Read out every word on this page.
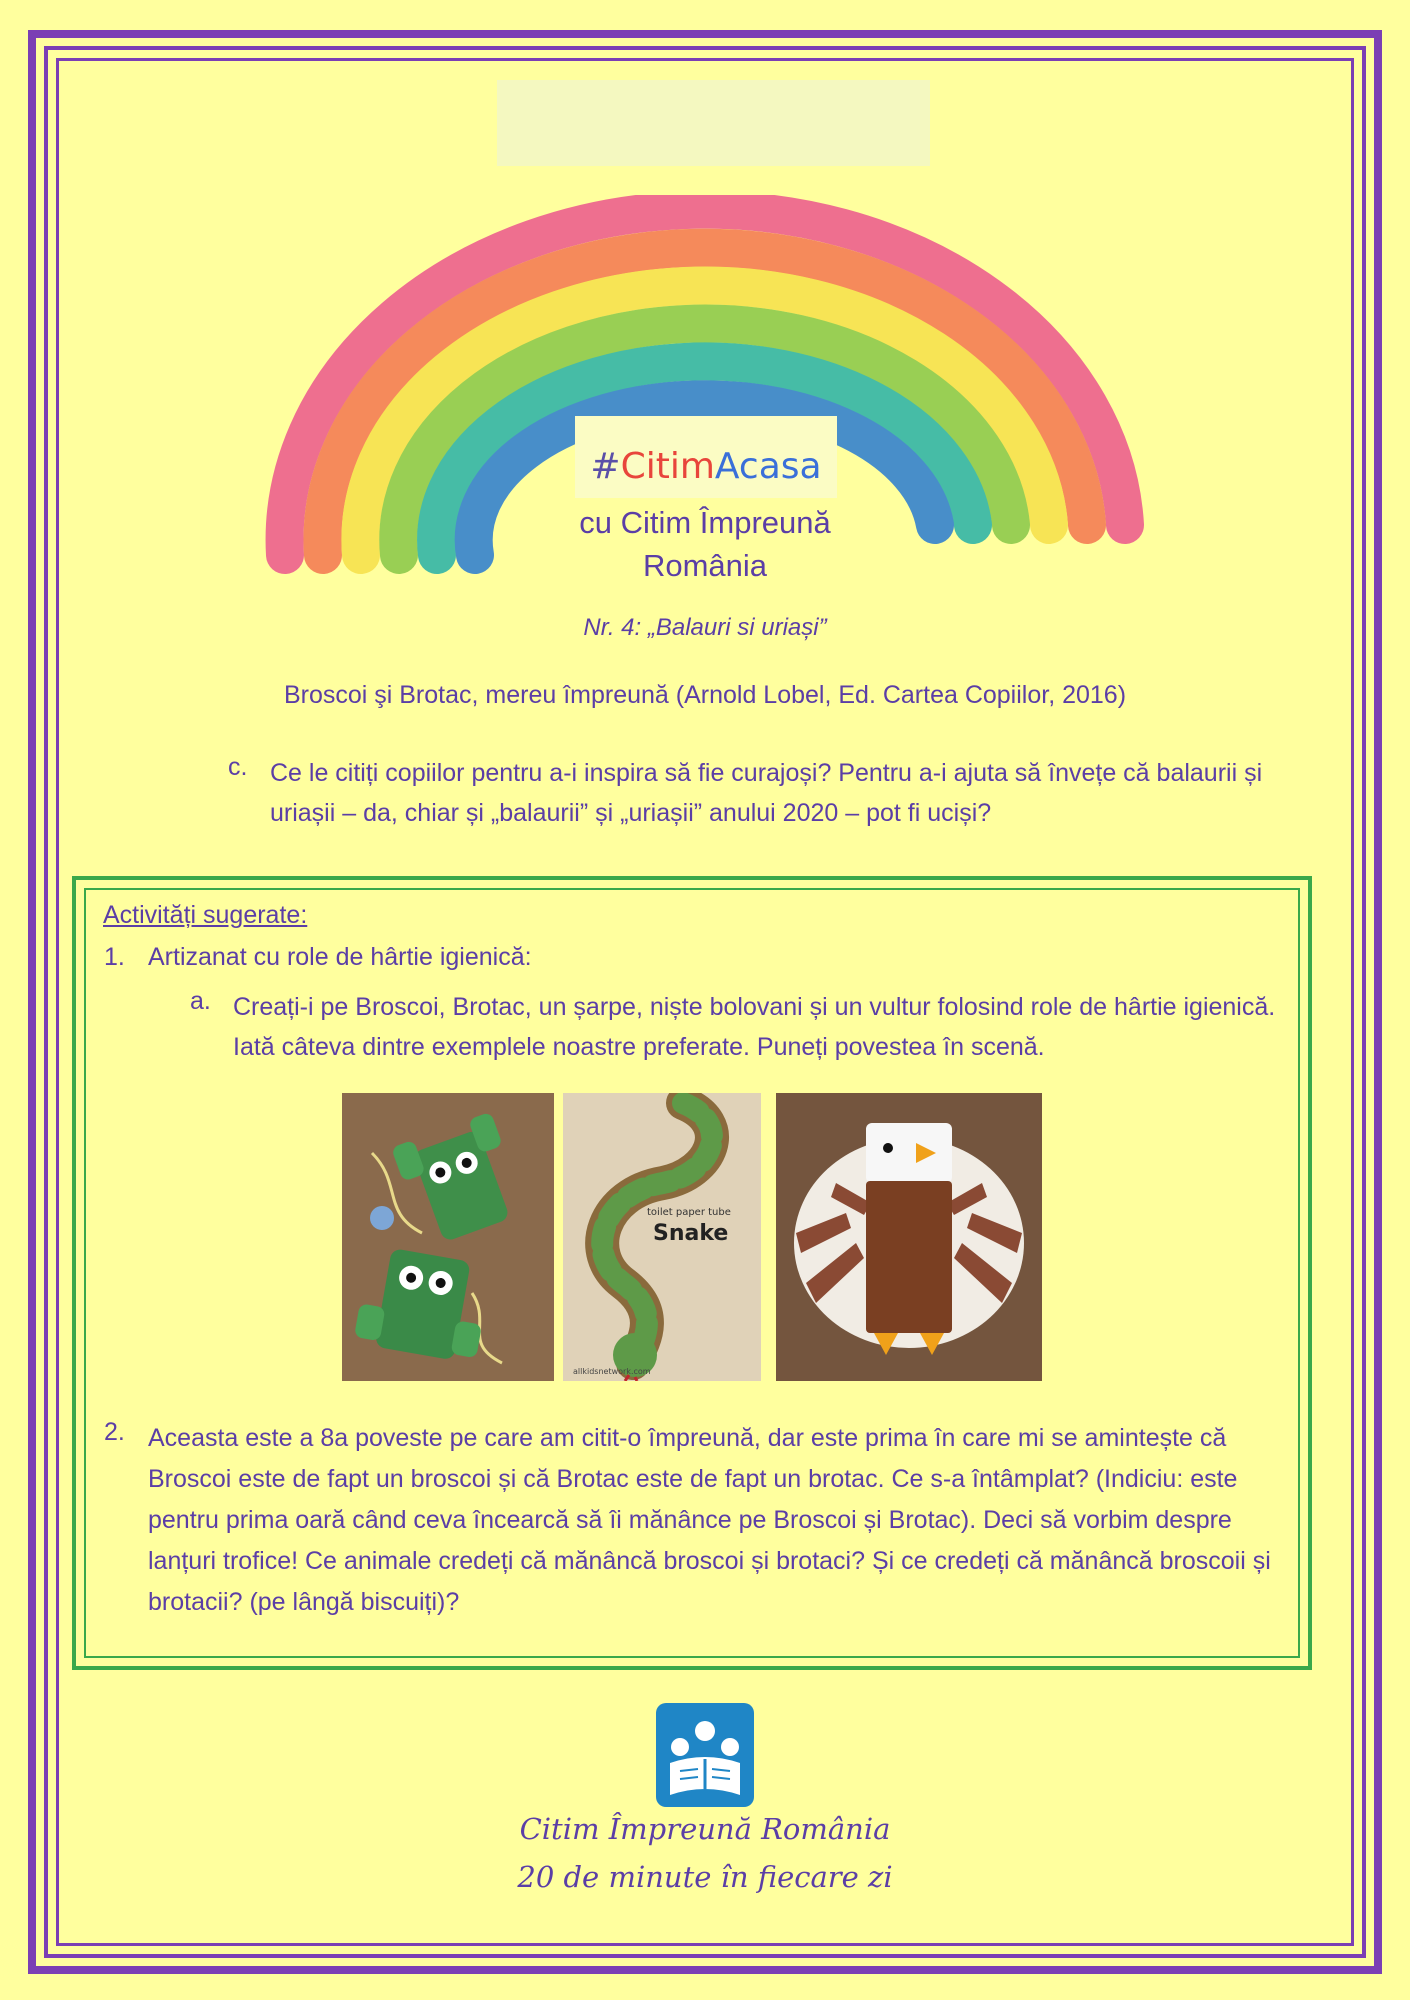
#CitimAcasa
cu Citim Împreună
România
Nr. 4: „Balauri si uriași”
Broscoi şi Brotac, mereu împreună (Arnold Lobel, Ed. Cartea Copiilor, 2016)
c. Ce le citiți copiilor pentru a-i inspira să fie curajoși? Pentru a-i ajuta să învețe că balaurii și uriașii – da, chiar și „balaurii” și „uriașii” anului 2020 – pot fi uciși?
Activități sugerate:
1. Artizanat cu role de hârtie igienică:
a. Creați-i pe Broscoi, Brotac, un șarpe, niște bolovani și un vultur folosind role de hârtie igienică. Iată câteva dintre exemplele noastre preferate. Puneți povestea în scenă.
toilet paper tube
Snake
allkidsnetwork.com
2. Aceasta este a 8a poveste pe care am citit-o împreună, dar este prima în care mi se amintește că Broscoi este de fapt un broscoi și că Brotac este de fapt un brotac. Ce s-a întâmplat? (Indiciu: este pentru prima oară când ceva încearcă să îi mănânce pe Broscoi și Brotac). Deci să vorbim despre lanțuri trofice! Ce animale credeți că mănâncă broscoi și brotaci? Și ce credeți că mănâncă broscoii și brotacii? (pe lângă biscuiți)?
Citim Împreună România
20 de minute în fiecare zi
